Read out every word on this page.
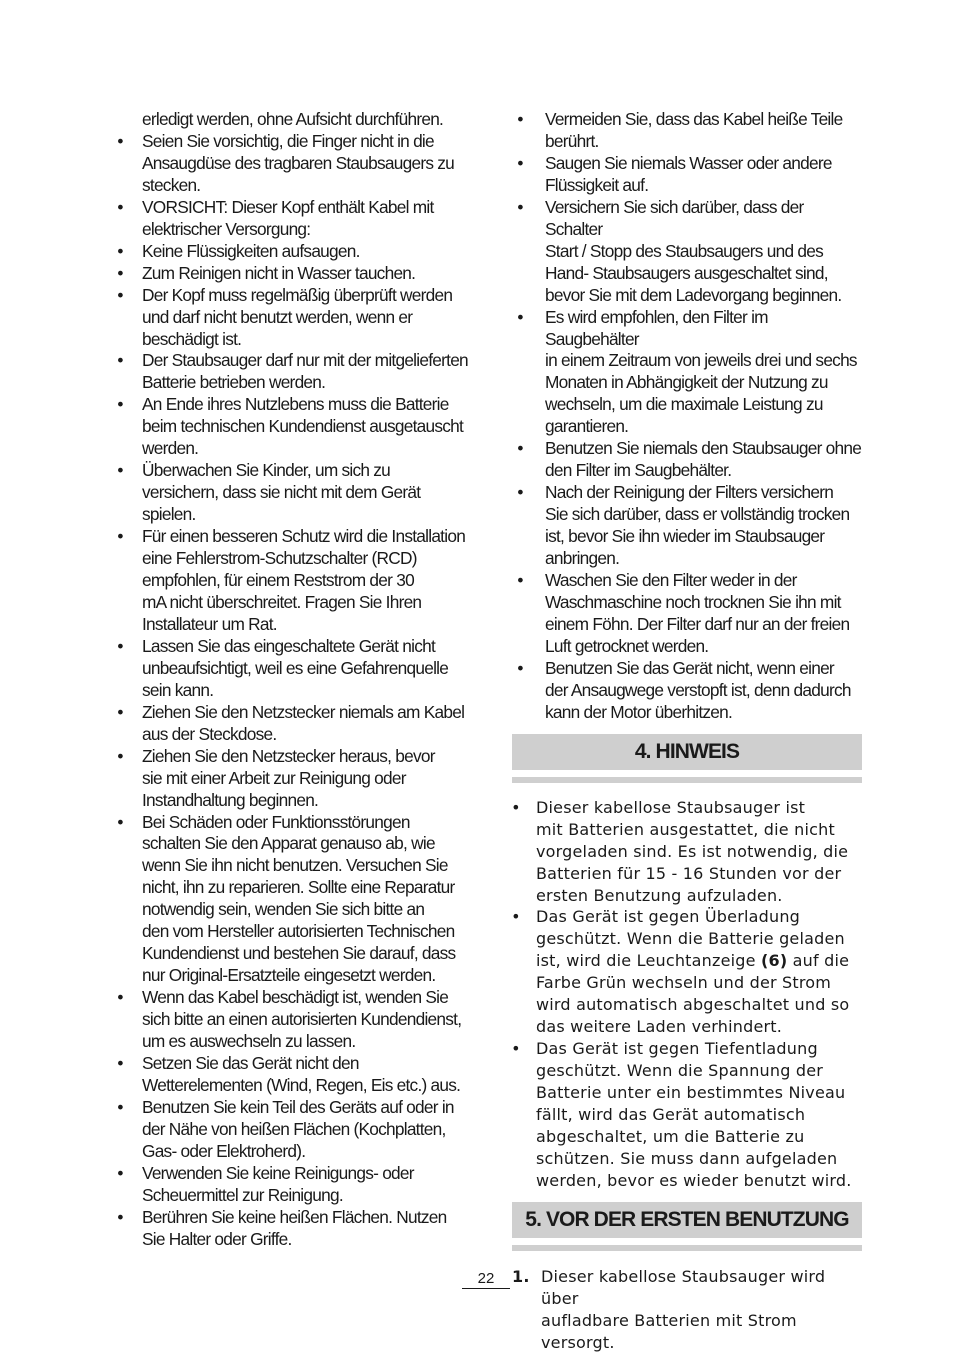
erledigt werden, ohne Aufsicht durchführen.
•	Seien Sie vorsichtig, die Finger nicht in die
Ansaugdüse des tragbaren Staubsaugers zu
stecken.
•	VORSICHT: Dieser Kopf enthält Kabel mit
elektrischer Versorgung:
•	Keine Flüssigkeiten aufsaugen.
•	Zum Reinigen nicht in Wasser tauchen.
•	Der Kopf muss regelmäßig überprüft werden
und darf nicht benutzt werden, wenn er
beschädigt ist.
•	Der Staubsauger darf nur mit der mitgelieferten
Batterie betrieben werden.
•	An Ende ihres Nutzlebens muss die Batterie
beim technischen Kundendienst ausgetauscht
werden.
•	Überwachen Sie Kinder, um sich zu
versichern, dass sie nicht mit dem Gerät
spielen.
•	Für einen besseren Schutz wird die Installation
eine Fehlerstrom-Schutzschalter (RCD)
empfohlen, für einem Reststrom der 30
mA nicht überschreitet. Fragen Sie Ihren
Installateur um Rat.
•	Lassen Sie das eingeschaltete Gerät nicht
unbeaufsichtigt, weil es eine Gefahrenquelle
sein kann.
•	Ziehen Sie den Netzstecker niemals am Kabel
aus der Steckdose.
•	Ziehen Sie den Netzstecker heraus, bevor
sie mit einer Arbeit zur Reinigung oder
Instandhaltung beginnen.
•	Bei Schäden oder Funktionsstörungen
schalten Sie den Apparat genauso ab, wie
wenn Sie ihn nicht benutzen. Versuchen Sie
nicht, ihn zu reparieren. Sollte eine Reparatur
notwendig sein, wenden Sie sich bitte an
den vom Hersteller autorisierten Technischen
Kundendienst und bestehen Sie darauf, dass
nur Original-Ersatzteile eingesetzt werden.
•	Wenn das Kabel beschädigt ist, wenden Sie
sich bitte an einen autorisierten Kundendienst,
um es auswechseln zu lassen.
•	Setzen Sie das Gerät nicht den
Wetterelementen (Wind, Regen, Eis etc.) aus.
•	Benutzen Sie kein Teil des Geräts auf oder in
der Nähe von heißen Flächen (Kochplatten,
Gas- oder Elektroherd).
•	Verwenden Sie keine Reinigungs- oder
Scheuermittel zur Reinigung.
•	Berühren Sie keine heißen Flächen. Nutzen
Sie Halter oder Griffe.
•	Vermeiden Sie, dass das Kabel heiße Teile
berührt.
•	Saugen Sie niemals Wasser oder andere
Flüssigkeit auf.
•	Versichern Sie sich darüber, dass der Schalter
Start / Stopp des Staubsaugers und des
Hand- Staubsaugers ausgeschaltet sind,
bevor Sie mit dem Ladevorgang beginnen.
•	Es wird empfohlen, den Filter im Saugbehälter
in einem Zeitraum von jeweils drei und sechs
Monaten in Abhängigkeit der Nutzung zu
wechseln, um die maximale Leistung zu
garantieren.
•	Benutzen Sie niemals den Staubsauger ohne
den Filter im Saugbehälter.
•	Nach der Reinigung der Filters versichern
Sie sich darüber, dass er vollständig trocken
ist, bevor Sie ihn wieder im Staubsauger
anbringen.
•	Waschen Sie den Filter weder in der
Waschmaschine noch trocknen Sie ihn mit
einem Föhn. Der Filter darf nur an der freien
Luft getrocknet werden.
•	Benutzen Sie das Gerät nicht, wenn einer
der Ansaugwege verstopft ist, denn dadurch
kann der Motor überhitzen.
4. HINWEIS
• Dieser kabellose Staubsauger ist
mit Batterien ausgestattet, die nicht
vorgeladen sind. Es ist notwendig, die
Batterien für 15 - 16 Stunden vor der
ersten Benutzung aufzuladen.
• Das Gerät ist gegen Überladung
geschützt. Wenn die Batterie geladen
ist, wird die Leuchtanzeige (6) auf die
Farbe Grün wechseln und der Strom
wird automatisch abgeschaltet und so
das weitere Laden verhindert.
• Das Gerät ist gegen Tiefentladung
geschützt. Wenn die Spannung der
Batterie unter ein bestimmtes Niveau
fällt, wird das Gerät automatisch
abgeschaltet, um die Batterie zu
schützen. Sie muss dann aufgeladen
werden, bevor es wieder benutzt wird.
5. VOR DER ERSTEN BENUTZUNG
1. Dieser kabellose Staubsauger wird über
aufladbare Batterien mit Strom versorgt.
22
